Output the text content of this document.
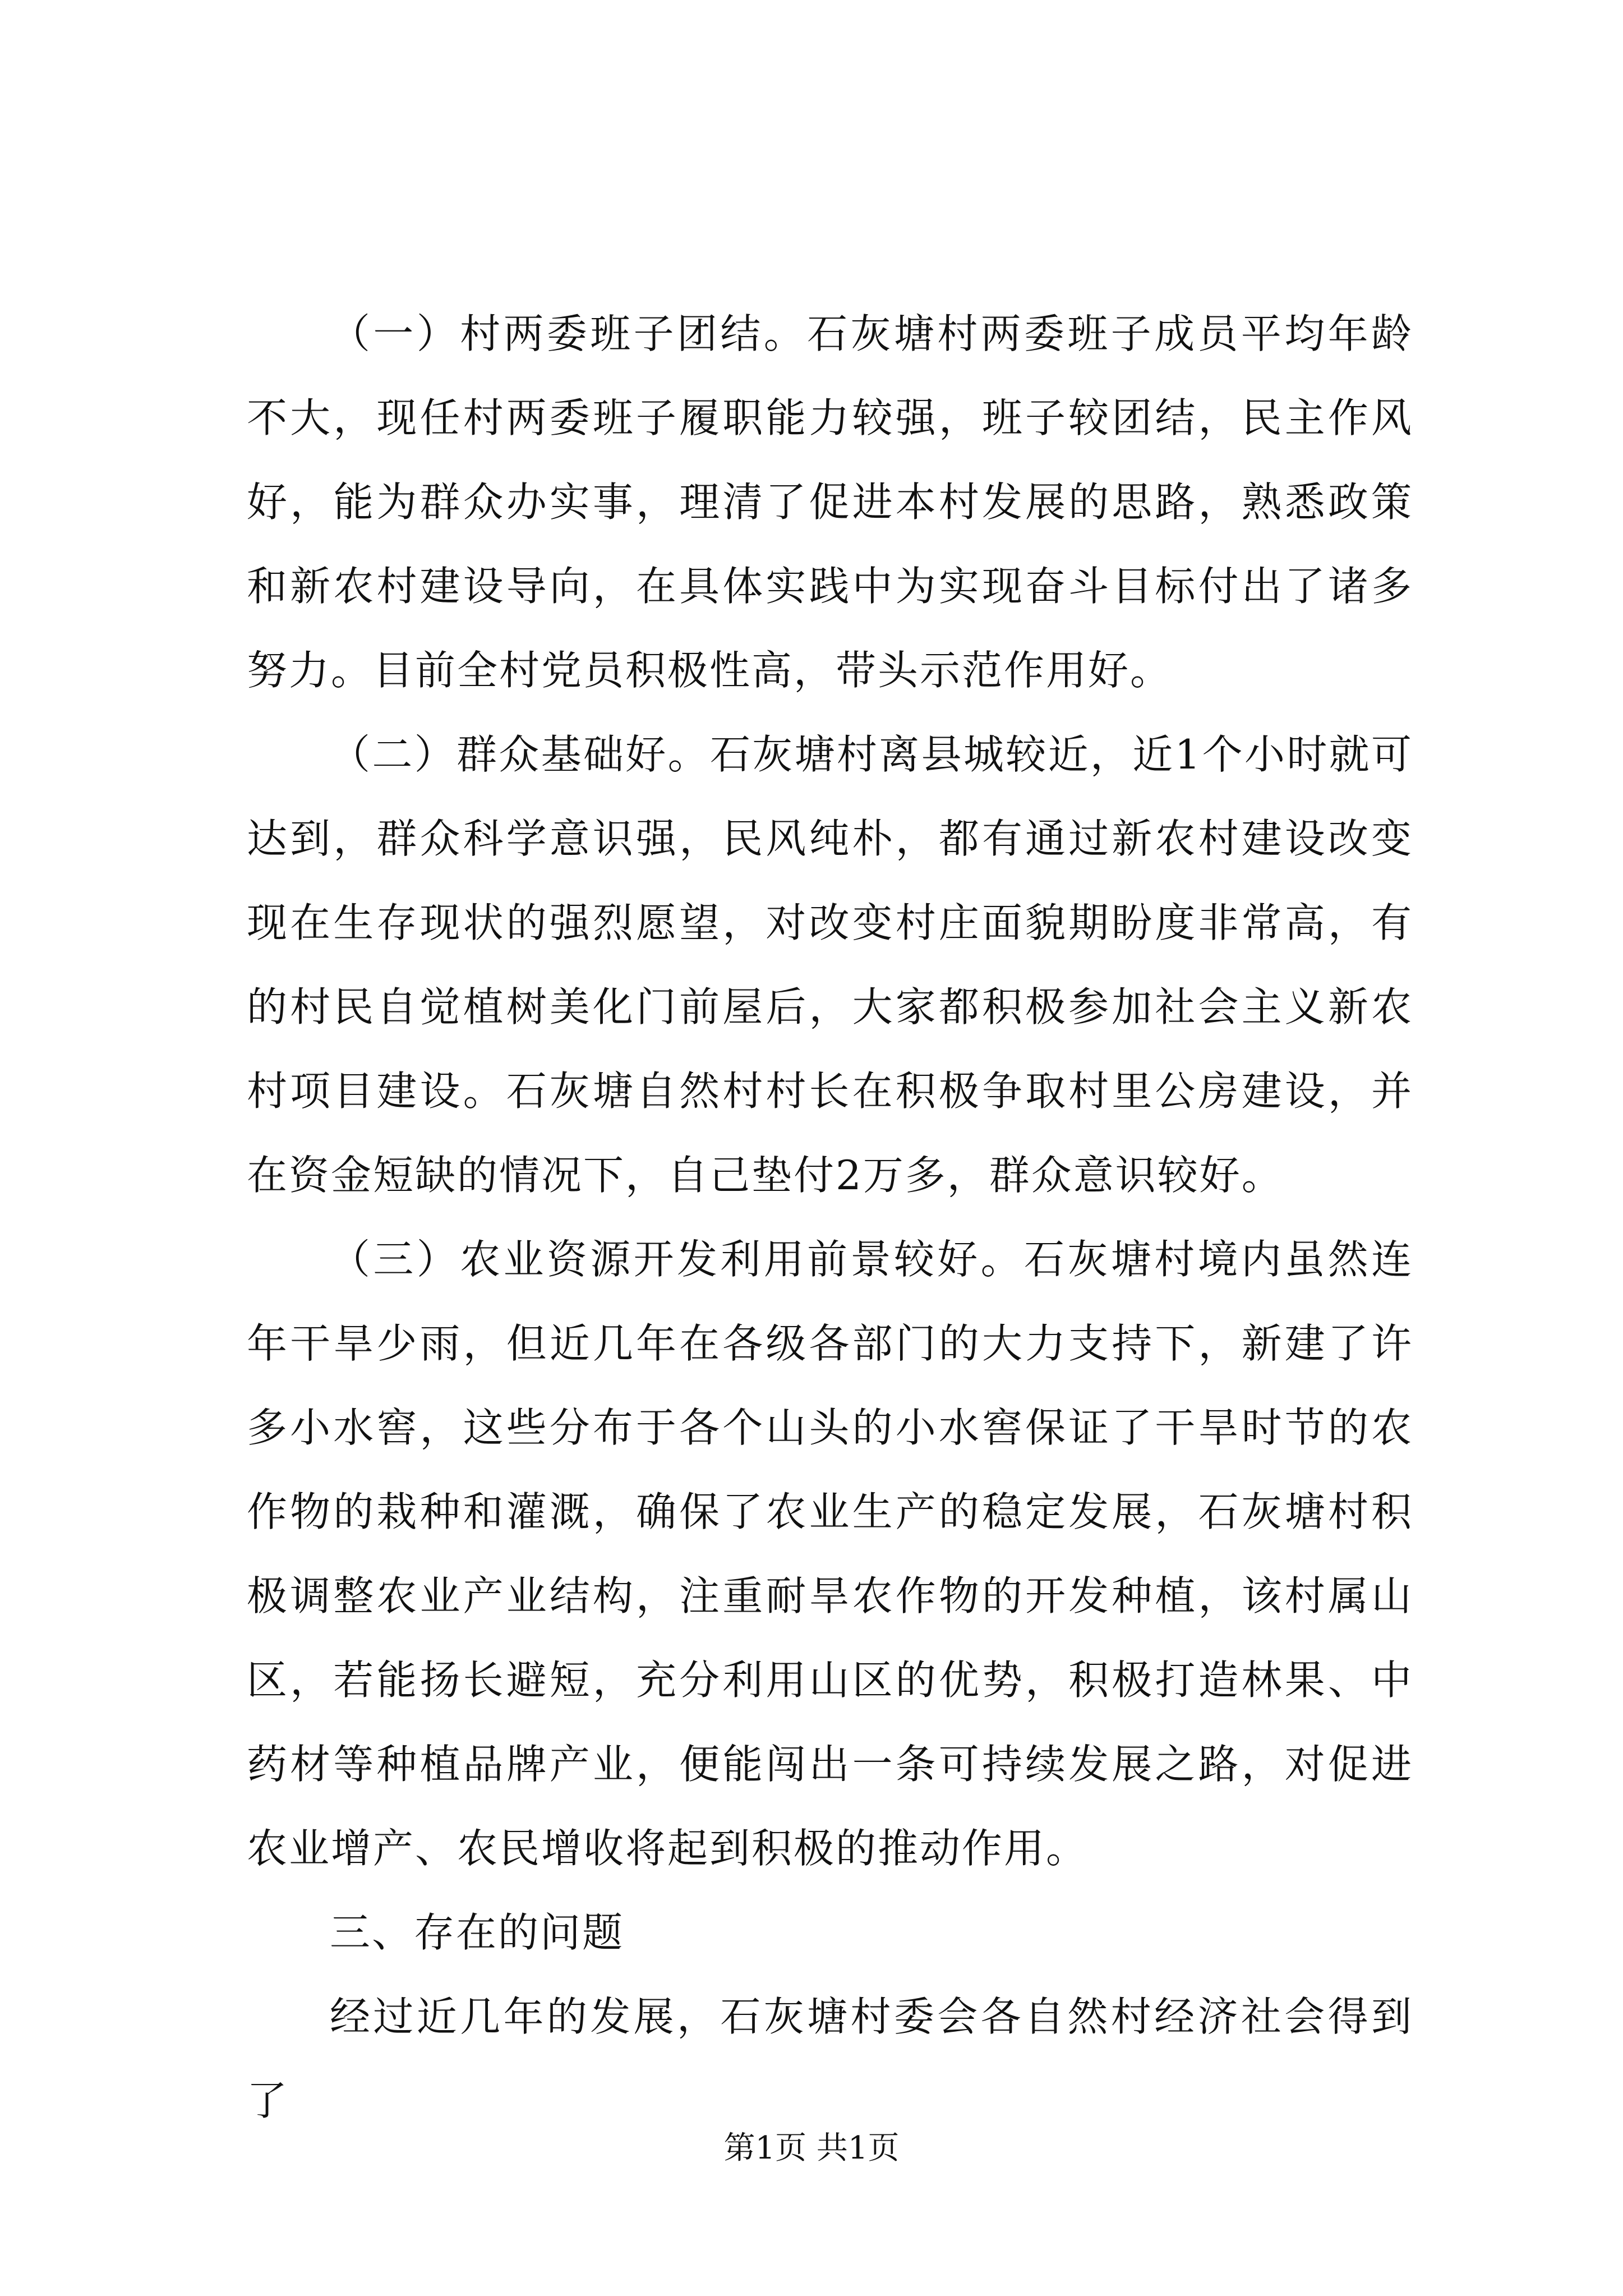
（一）村两委班子团结。石灰塘村两委班子成员平均年龄不大，现任村两委班子履职能力较强，班子较团结，民主作风好，能为群众办实事，理清了促进本村发展的思路，熟悉政策和新农村建设导向，在具体实践中为实现奋斗目标付出了诸多努力。目前全村党员积极性高，带头示范作用好。

（二）群众基础好。石灰塘村离县城较近，近1个小时就可达到，群众科学意识强，民风纯朴，都有通过新农村建设改变现在生存现状的强烈愿望，对改变村庄面貌期盼度非常高，有的村民自觉植树美化门前屋后，大家都积极参加社会主义新农村项目建设。石灰塘自然村村长在积极争取村里公房建设，并在资金短缺的情况下，自己垫付2万多，群众意识较好。

（三）农业资源开发利用前景较好。石灰塘村境内虽然连年干旱少雨，但近几年在各级各部门的大力支持下，新建了许多小水窖，这些分布于各个山头的小水窖保证了干旱时节的农作物的栽种和灌溉，确保了农业生产的稳定发展，石灰塘村积极调整农业产业结构，注重耐旱农作物的开发种植，该村属山区，若能扬长避短，充分利用山区的优势，积极打造林果、中药材等种植品牌产业，便能闯出一条可持续发展之路，对促进农业增产、农民增收将起到积极的推动作用。

三、存在的问题

经过近几年的发展，石灰塘村委会各自然村经济社会得到了

第1页 共1页
